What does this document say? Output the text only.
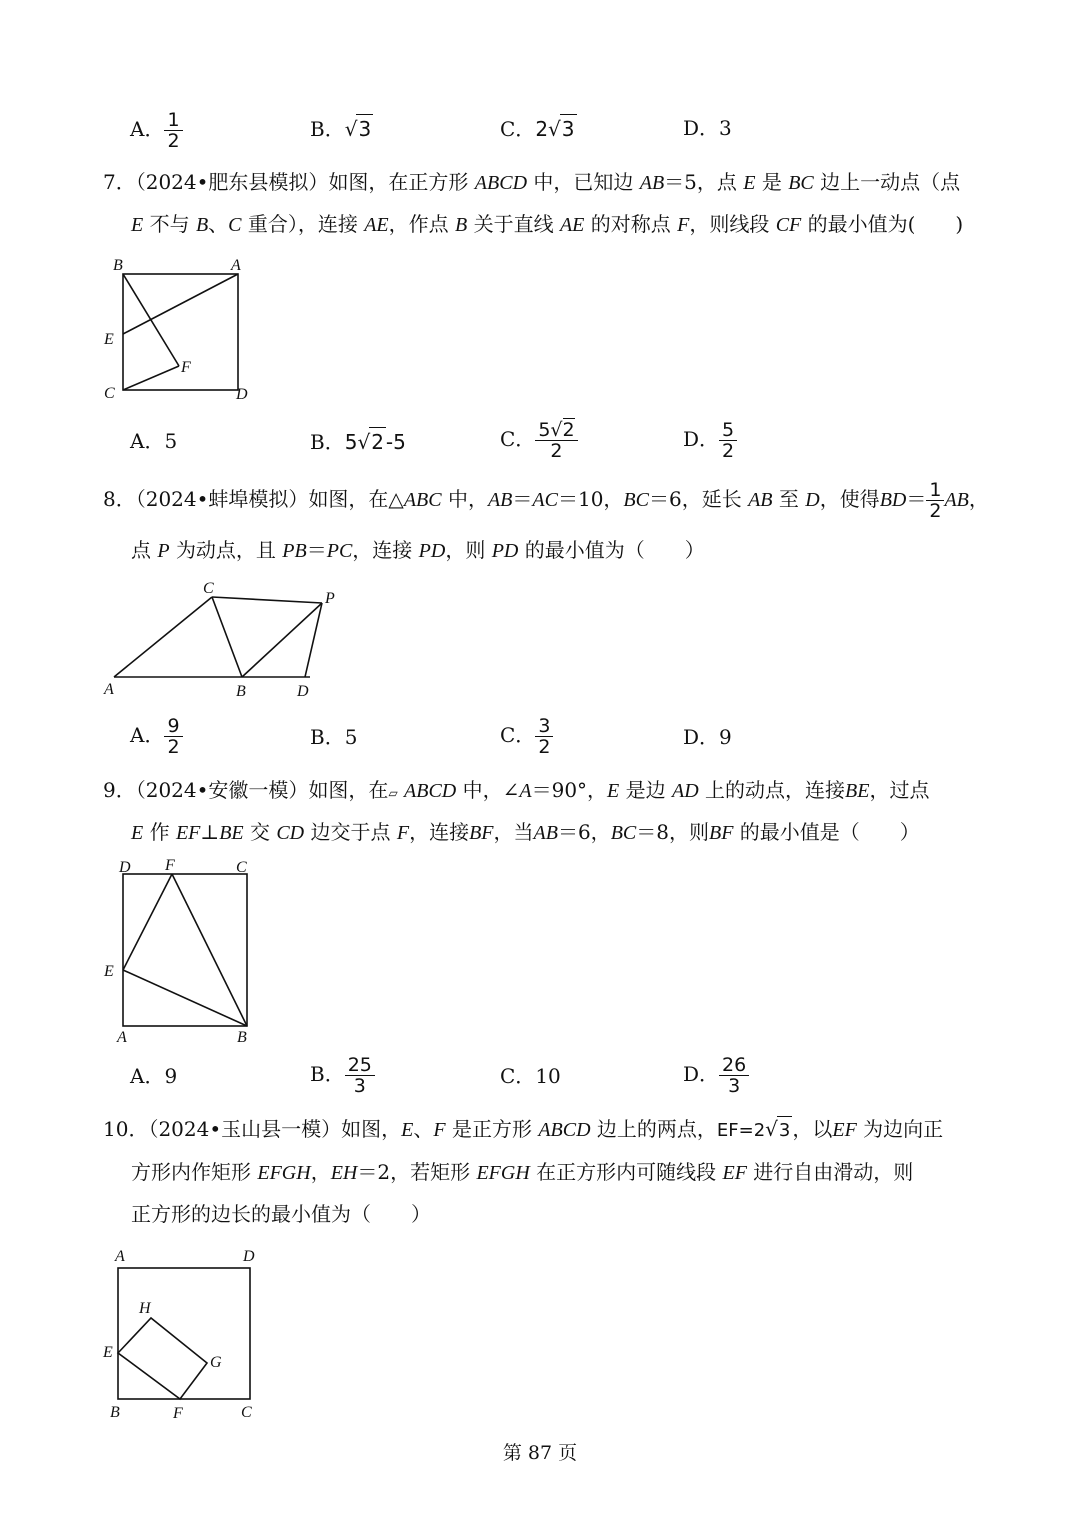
A． $\frac{1}{2}$	B．√3	C．2√3	D．3
7．（2024•肥东县模拟）如图，在正方形 ABCD 中，已知边 AB＝5，点 E 是 BC 边上一动点（点
E 不与 B、C 重合），连接 AE，作点 B 关于直线 AE 的对称点 F，则线段 CF 的最小值为(　　)
B	A
E
F
C	D
A．5	B．5√2 -5	C． $\frac{5√2}{2}$	D． $\frac{5}{2}$
8．（2024•蚌埠模拟）如图，在△ABC 中，AB＝AC＝10，BC＝6，延长 AB 至 D，使得$BD= \frac{1}{2}$ AB，
点 P 为动点，且 PB＝PC，连接 PD，则 PD 的最小值为（　　）
C
P
A	B	D
A． $\frac{9}{2}$	B．5	C． $\frac{3}{2}$	D．9
9．（2024•安徽一模）如图，在▱ ABCD 中，∠A＝90°，E 是边 AD 上的动点，连接BE，过点
E 作 EF⊥BE 交 CD 边交于点 F，连接BF，当AB＝6，BC＝8，则BF 的最小值是（　　）
D F	C
E
A	B
A．9	B． $\frac{25}{3}$	C．10	D． $\frac{26}{3}$
10．（2024•玉山县一模）如图，E、F 是正方形 ABCD 边上的两点，EF=2√3 ，以EF 为边向正
方形内作矩形 EFGH，EH＝2，若矩形 EFGH 在正方形内可随线段 EF 进行自由滑动，则
正方形的边长的最小值为（　　）
A	D
H
E
G
B	F	C
第 87 页
